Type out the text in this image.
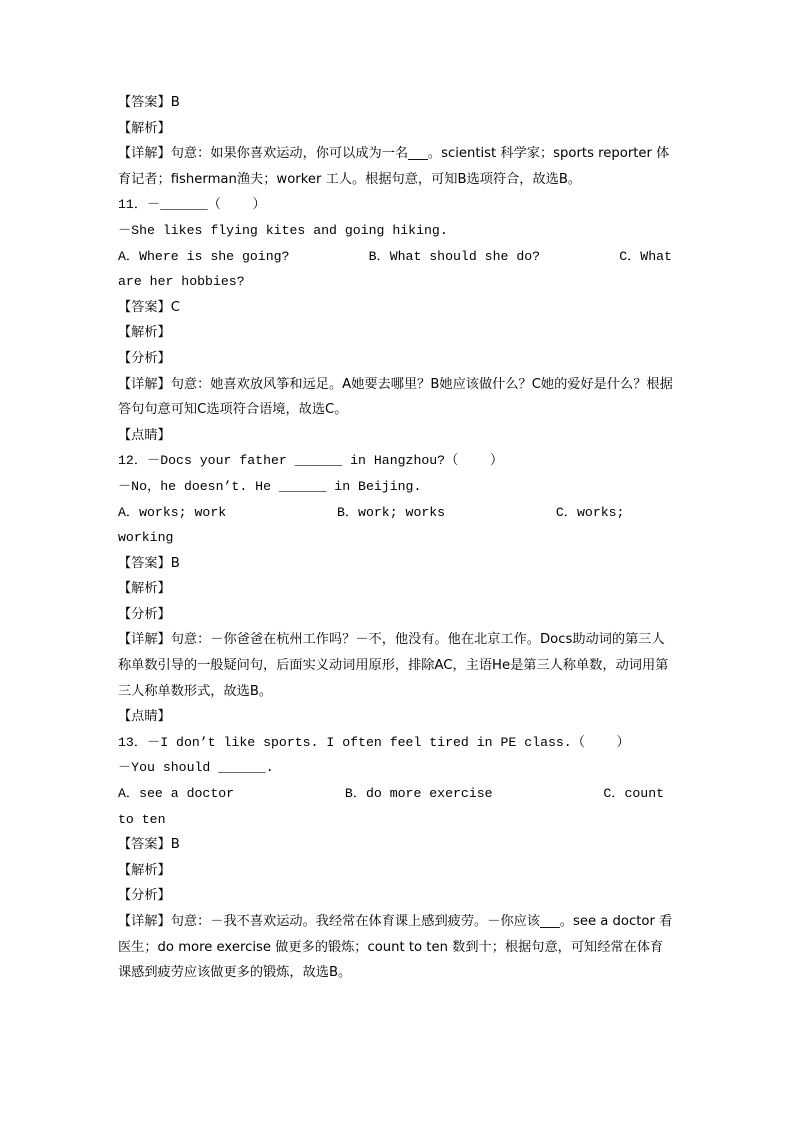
【答案】B
【解析】
【详解】句意：如果你喜欢运动，你可以成为一名___。scientist 科学家；sports reporter 体育记者；fisherman渔夫；worker 工人。根据句意，可知B选项符合，故选B。
11．－______（    ）
－She likes flying kites and going hiking.
A．Where is she going?          B．What should she do?          C．What are her hobbies?
【答案】C
【解析】
【分析】
【详解】句意：她喜欢放风筝和远足。A她要去哪里？B她应该做什么？C她的爱好是什么？根据答句句意可知C选项符合语境，故选C。
【点睛】
12．－Docs your father ______ in Hangzhou?（    ）
－No，he doesn’t. He ______ in Beijing.
A．works; work              B．work; works              C．works; working
【答案】B
【解析】
【分析】
【详解】句意：－你爸爸在杭州工作吗？－不，他没有。他在北京工作。Docs助动词的第三人称单数引导的一般疑问句，后面实义动词用原形，排除AC，主语He是第三人称单数，动词用第三人称单数形式，故选B。
【点睛】
13．－I don’t like sports. I often feel tired in PE class.（    ）
－You should ______.
A．see a doctor              B．do more exercise              C．count to ten
【答案】B
【解析】
【分析】
【详解】句意：－我不喜欢运动。我经常在体育课上感到疲劳。－你应该___。see a doctor 看医生；do more exercise 做更多的锻炼；count to ten 数到十；根据句意，可知经常在体育课感到疲劳应该做更多的锻炼，故选B。
